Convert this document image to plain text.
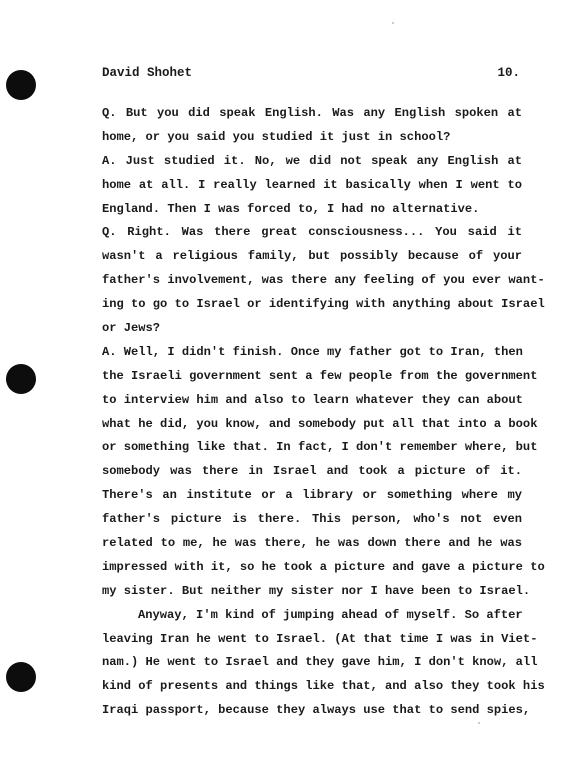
David Shohet	10.
Q. But you did speak English. Was any English spoken at
home, or you said you studied it just in school?
A. Just studied it. No, we did not speak any English at
home at all. I really learned it basically when I went to
England. Then I was forced to, I had no alternative.
Q. Right. Was there great consciousness... You said it
wasn't a religious family, but possibly because of your
father's involvement, was there any feeling of you ever want-
ing to go to Israel or identifying with anything about Israel
or Jews?
A. Well, I didn't finish. Once my father got to Iran, then
the Israeli government sent a few people from the government
to interview him and also to learn whatever they can about
what he did, you know, and somebody put all that into a book
or something like that. In fact, I don't remember where, but
somebody was there in Israel and took a picture of it.
There's an institute or a library or something where my
father's picture is there. This person, who's not even
related to me, he was there, he was down there and he was
impressed with it, so he took a picture and gave a picture to
my sister. But neither my sister nor I have been to Israel.
Anyway, I'm kind of jumping ahead of myself. So after
leaving Iran he went to Israel. (At that time I was in Viet-
nam.) He went to Israel and they gave him, I don't know, all
kind of presents and things like that, and also they took his
Iraqi passport, because they always use that to send spies,
